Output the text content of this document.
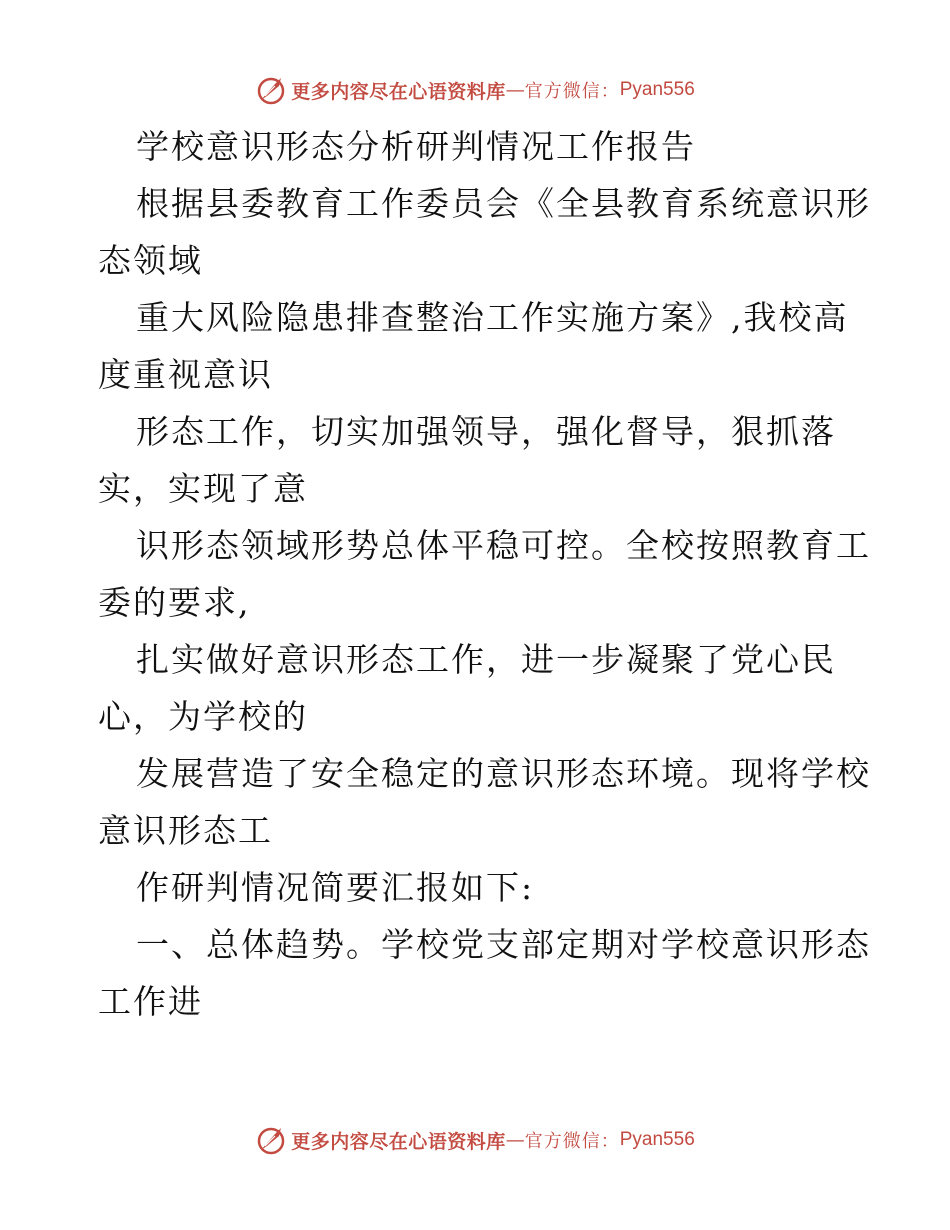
更多内容尽在心语资料库 — 官方微信： Pyan556
学校意识形态分析研判情况工作报告
根据县委教育工作委员会《全县教育系统意识形
态领域
重大风险隐患排查整治工作实施方案》,我校高
度重视意识
形态工作，切实加强领导，强化督导，狠抓落
实，实现了意
识形态领域形势总体平稳可控。全校按照教育工
委的要求,
扎实做好意识形态工作，进一步凝聚了党心民
心，为学校的
发展营造了安全稳定的意识形态环境。现将学校
意识形态工
作研判情况简要汇报如下:
一、总体趋势。学校党支部定期对学校意识形态
工作进
更多内容尽在心语资料库 — 官方微信： Pyan556
